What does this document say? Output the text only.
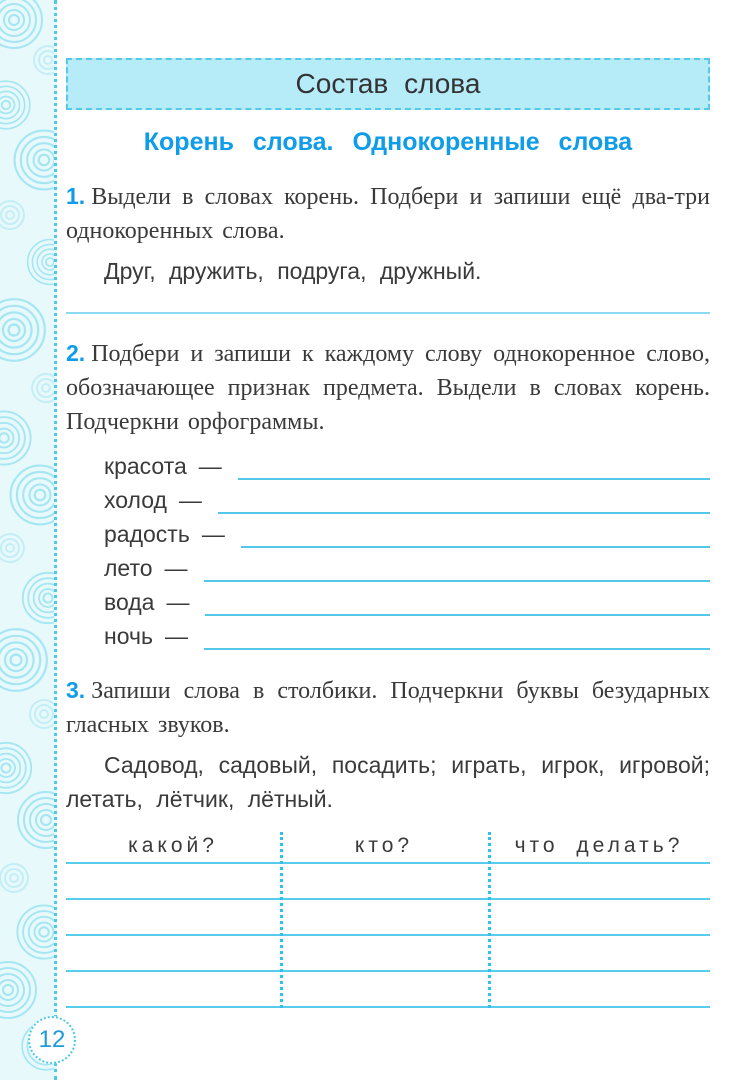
12
Состав слова
Корень слова. Однокоренные слова

1. Выдели в словах корень. Подбери и запиши ещё два-три однокоренных слова.

Друг, дружить, подруга, дружный.

2. Подбери и запиши к каждому слову однокоренное слово, обозначающее признак предмета. Выдели в словах корень. Подчеркни орфограммы.

красота —
холод —
радость —
лето —
вода —
ночь —

3. Запиши слова в столбики. Подчеркни буквы безударных гласных звуков.

Садовод, садовый, посадить; играть, игрок, игровой; летать, лётчик, лётный.

какой?	кто?	что делать?
